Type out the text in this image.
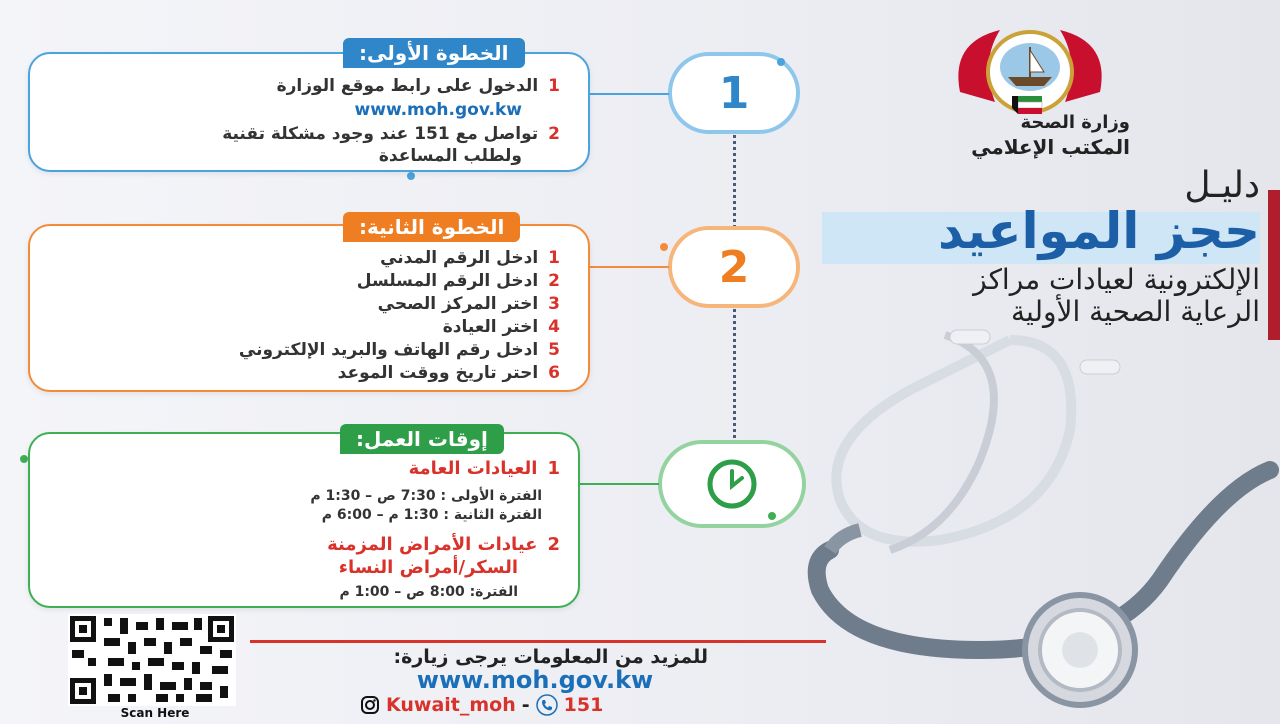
وزارة الصحة
المكتب الإعلامي
دليـل
حجز المواعيد
الإلكترونية لعيادات مراكز
الرعاية الصحية الأولية
1
2
الخطوة الأولى:
1الدخول على رابط موقع الوزارة
www.moh.gov.kw
2تواصل مع 151 عند وجود مشكلة تقنية
ولطلب المساعدة
الخطوة الثانية:
1ادخل الرقم المدني
2ادخل الرقم المسلسل
3اختر المركز الصحي
4اختر العيادة
5ادخل رقم الهاتف والبريد الإلكتروني
6احتر تاريخ ووقت الموعد
إوقات العمل:
1العيادات العامة
الفترة الأولى : 7:30 ص – 1:30 م
الفترة الثانية : 1:30 م – 6:00 م
2عيادات الأمراض المزمنة
السكر/أمراض النساء
الفترة: 8:00 ص – 1:00 م
Scan Here
للمزيد من المعلومات يرجى زيارة:
www.moh.gov.kw
Kuwait_moh - 151
